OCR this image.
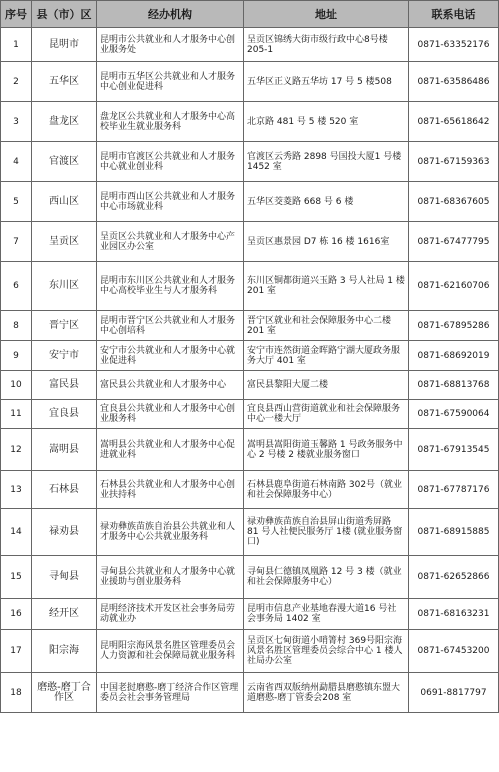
序号	县（市）区	经办机构	地址	联系电话
1	昆明市	昆明市公共就业和人才服务中心创业服务处	呈贡区锦绣大街市级行政中心8号楼 205-1	0871-63352176
2	五华区	昆明市五华区公共就业和人才服务中心创业促进科	五华区正义路五华坊 17 号 5 楼508	0871-63586486
3	盘龙区	盘龙区公共就业和人才服务中心高校毕业生就业服务科	北京路 481 号 5 楼 520 室	0871-65618642
4	官渡区	昆明市官渡区公共就业和人才服务中心就业创业科	官渡区云秀路 2898 号国投大厦1 号楼 1452 室	0871-67159363
5	西山区	昆明市西山区公共就业和人才服务中心市场就业科	五华区茭菱路 668 号 6 楼	0871-68367605
7	呈贡区	呈贡区公共就业和人才服务中心产业园区办公室	呈贡区惠景园 D7 栋 16 楼 1616室	0871-67477795
6	东川区	昆明市东川区公共就业和人才服务中心高校毕业生与人才服务科	东川区铜都街道兴玉路 3 号人社局 1 楼 201 室	0871-62160706
8	晋宁区	昆明市晋宁区公共就业和人才服务中心创培科	晋宁区就业和社会保障服务中心二楼 201 室	0871-67895286
9	安宁市	安宁市公共就业和人才服务中心就业促进科	安宁市连然街道金晖路宁湖大厦政务服务大厅 401 室	0871-68692019
10	富民县	富民县公共就业和人才服务中心	富民县黎阳大厦二楼	0871-68813768
11	宜良县	宜良县公共就业和人才服务中心创业服务科	宜良县西山营街道就业和社会保障服务中心一楼大厅	0871-67590064
12	嵩明县	嵩明县公共就业和人才服务中心促进就业科	嵩明县嵩阳街道玉馨路 1 号政务服务中心 2 号楼 2 楼就业服务窗口	0871-67913545
13	石林县	石林县公共就业和人才服务中心创业扶持科	石林县鹿阜街道石林南路 302号（就业和社会保障服务中心）	0871-67787176
14	禄劝县	禄劝彝族苗族自治县公共就业和人才服务中心公共就业服务科	禄劝彝族苗族自治县屏山街道秀屏路 81 号人社便民服务厅 1楼 (就业服务窗口)	0871-68915885
15	寻甸县	寻甸县公共就业和人才服务中心就业援助与创业服务科	寻甸县仁德镇凤凰路 12 号 3 楼（就业和社会保障服务中心）	0871-62652866
16	经开区	昆明经济技术开发区社会事务局劳动就业办	昆明市信息产业基地春漫大道16 号社会事务局 1402 室	0871-68163231
17	阳宗海	昆明阳宗海风景名胜区管理委员会人力资源和社会保障局就业服务科	呈贡区七甸街道小哨箐村 369号阳宗海风景名胜区管理委员会综合中心 1 楼人社局办公室	0871-67453200
18	磨憨-磨丁合作区	中国老挝磨憨-磨丁经济合作区管理委员会社会事务管理局	云南省西双版纳州勐腊县磨憨镇东盟大道磨憨-磨丁管委会208 室	0691-8817797
